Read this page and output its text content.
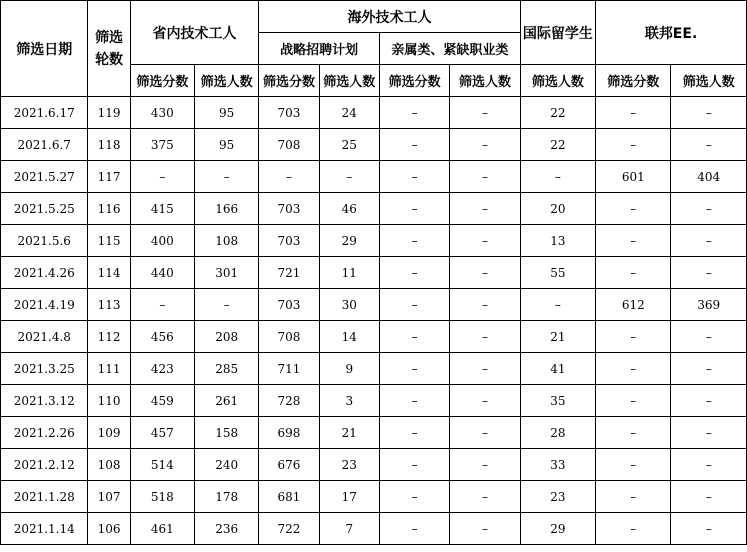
筛选日期	筛选轮数	省内技术工人		海外技术工人				国际留学生	联邦EE.	
				战略招聘计划		亲属类、紧缺职业类				
		筛选分数	筛选人数	筛选分数	筛选人数	筛选分数	筛选人数	筛选人数	筛选分数	筛选人数
2021.6.17	119	430	95	703	24	–	–	22	–	–
2021.6.7	118	375	95	708	25	–	–	22	–	–
2021.5.27	117	–	–	–	–	–	–	–	601	404
2021.5.25	116	415	166	703	46	–	–	20	–	–
2021.5.6	115	400	108	703	29	–	–	13	–	–
2021.4.26	114	440	301	721	11	–	–	55	–	–
2021.4.19	113	–	–	703	30	–	–	–	612	369
2021.4.8	112	456	208	708	14	–	–	21	–	–
2021.3.25	111	423	285	711	9	–	–	41	–	–
2021.3.12	110	459	261	728	3	–	–	35	–	–
2021.2.26	109	457	158	698	21	–	–	28	–	–
2021.2.12	108	514	240	676	23	–	–	33	–	–
2021.1.28	107	518	178	681	17	–	–	23	–	–
2021.1.14	106	461	236	722	7	–	–	29	–	–
